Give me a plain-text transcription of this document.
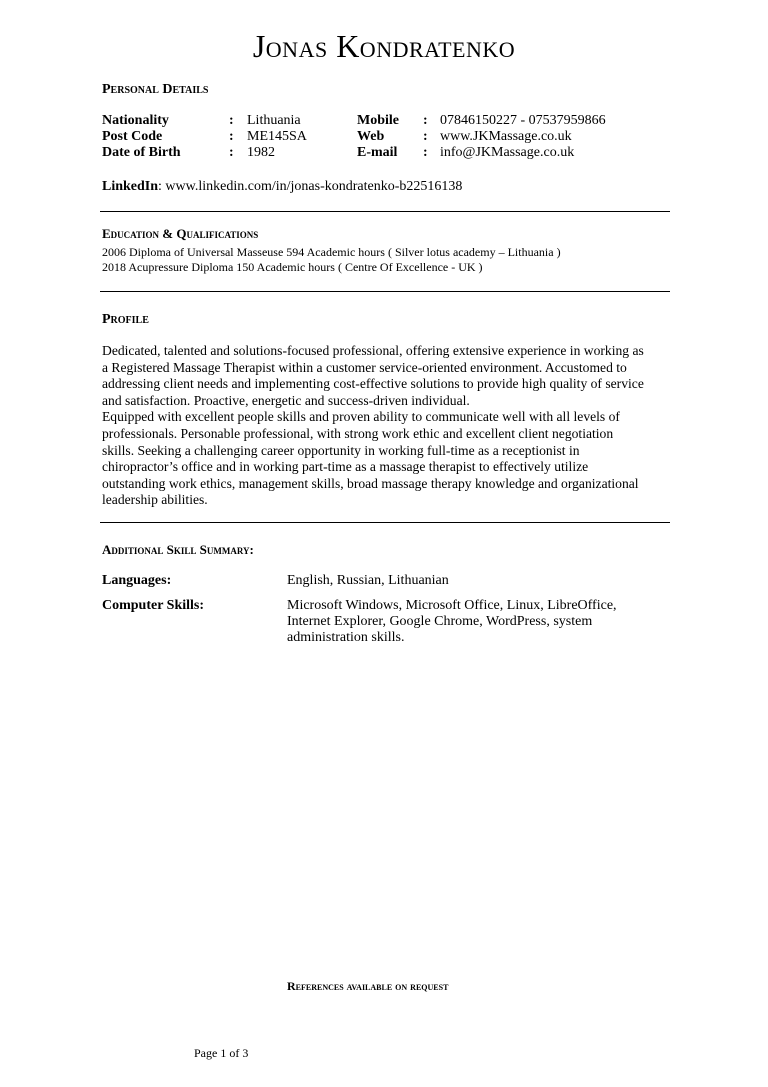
Jonas Kondratenko
Personal Details
Nationality	: Lithuania	Mobile : 07846150227 - 07537959866
Post Code	: ME145SA	Web	: www.JKMassage.co.uk
Date of Birth	: 1982	E-mail : info@JKMassage.co.uk
LinkedIn: www.linkedin.com/in/jonas-kondratenko-b22516138
Education & Qualifications
2006 Diploma of Universal Masseuse 594 Academic hours ( Silver lotus academy – Lithuania )
2018 Acupressure Diploma 150 Academic hours ( Centre Of Excellence - UK )
Profile
Dedicated, talented and solutions-focused professional, offering extensive experience in working as
a Registered Massage Therapist within a customer service-oriented environment. Accustomed to
addressing client needs and implementing cost-effective solutions to provide high quality of service
and satisfaction. Proactive, energetic and success-driven individual.
Equipped with excellent people skills and proven ability to communicate well with all levels of
professionals. Personable professional, with strong work ethic and excellent client negotiation
skills. Seeking a challenging career opportunity in working full-time as a receptionist in
chiropractor’s office and in working part-time as a massage therapist to effectively utilize
outstanding work ethics, management skills, broad massage therapy knowledge and organizational
leadership abilities.
Additional Skill Summary:
Languages:	English, Russian, Lithuanian
Computer Skills:	Microsoft Windows, Microsoft Office, Linux, LibreOffice,
Internet Explorer, Google Chrome, WordPress, system
administration skills.
References available on request
Page 1 of 3
